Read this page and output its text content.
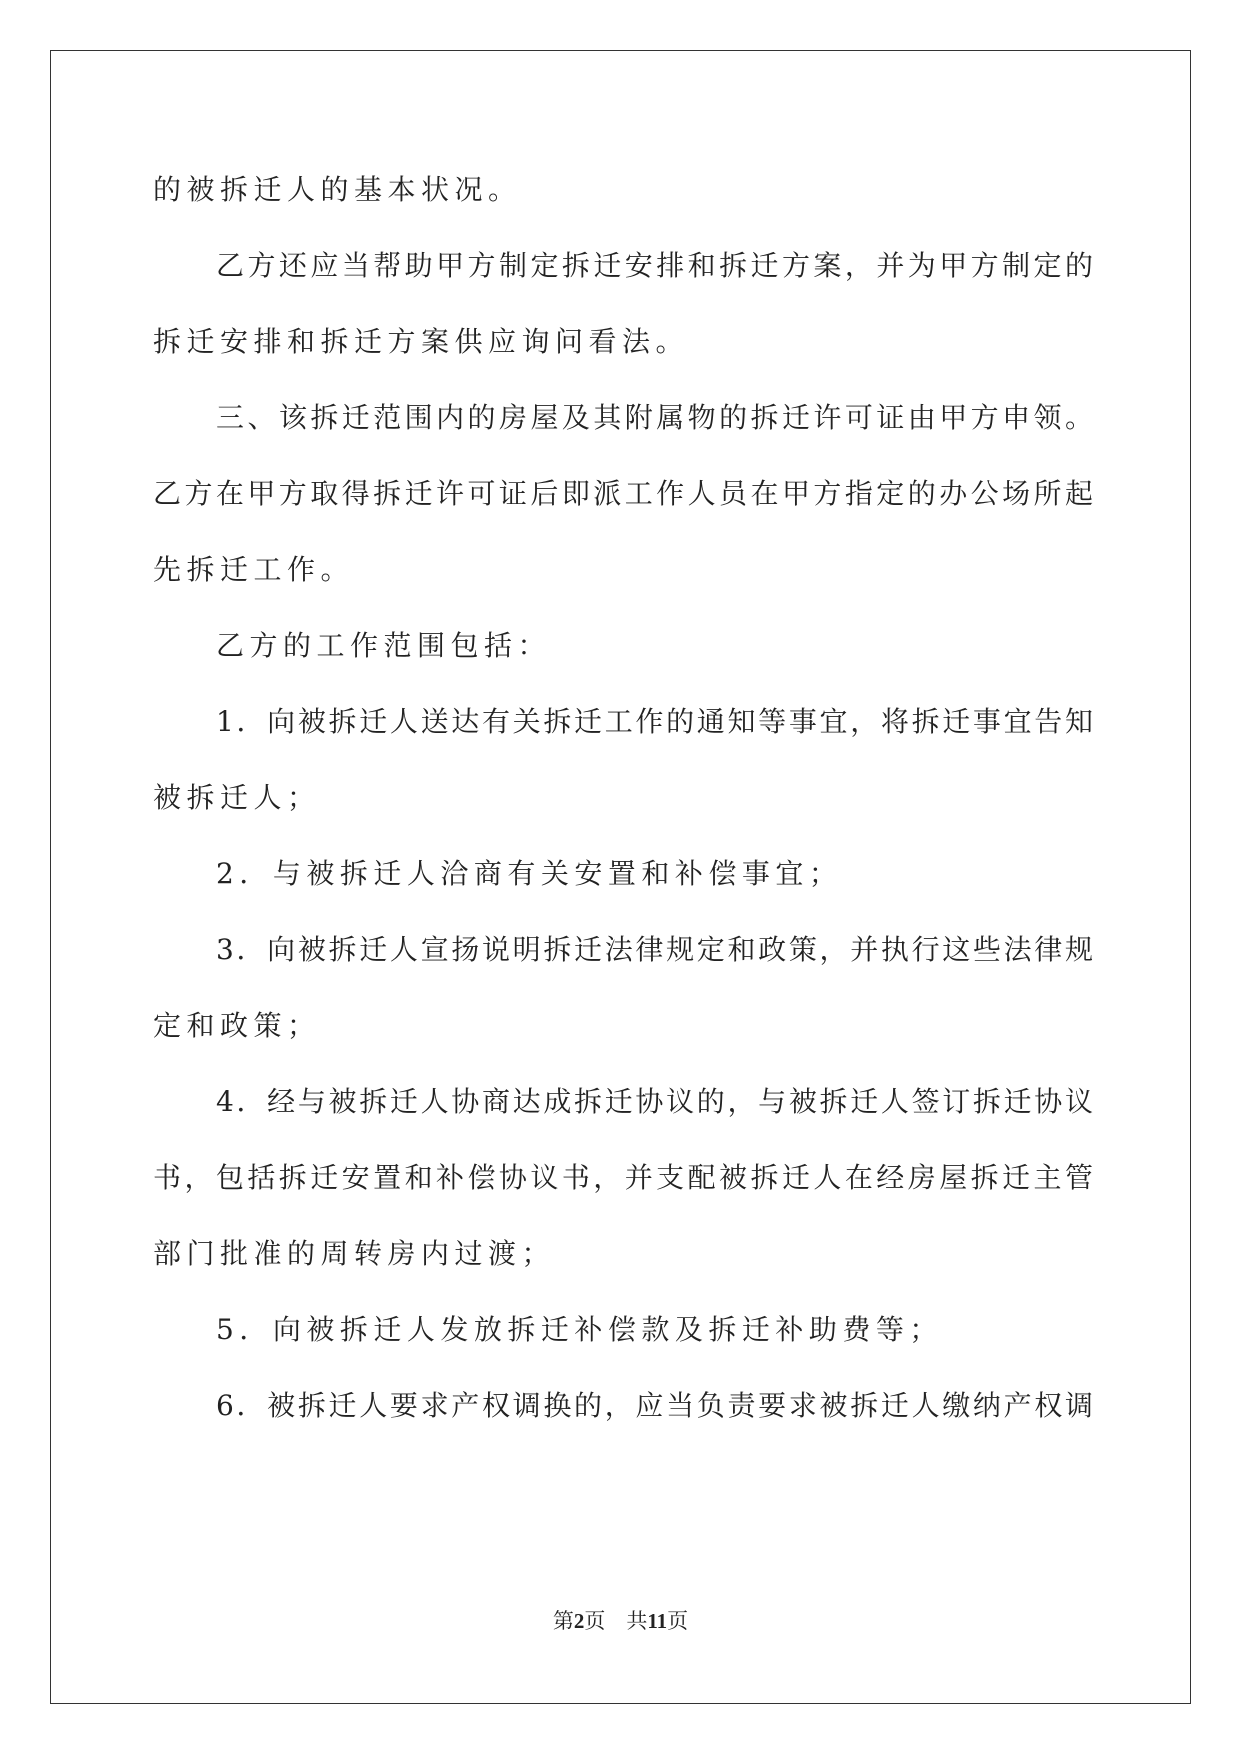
的被拆迁人的基本状况。
乙方还应当帮助甲方制定拆迁安排和拆迁方案，并为甲方制定的
拆迁安排和拆迁方案供应询问看法。
三、该拆迁范围内的房屋及其附属物的拆迁许可证由甲方申领。
乙方在甲方取得拆迁许可证后即派工作人员在甲方指定的办公场所起
先拆迁工作。
乙方的工作范围包括：
1．向被拆迁人送达有关拆迁工作的通知等事宜，将拆迁事宜告知
被拆迁人；
2．与被拆迁人洽商有关安置和补偿事宜；
3．向被拆迁人宣扬说明拆迁法律规定和政策，并执行这些法律规
定和政策；
4．经与被拆迁人协商达成拆迁协议的，与被拆迁人签订拆迁协议
书，包括拆迁安置和补偿协议书，并支配被拆迁人在经房屋拆迁主管
部门批准的周转房内过渡；
5．向被拆迁人发放拆迁补偿款及拆迁补助费等；
6．被拆迁人要求产权调换的，应当负责要求被拆迁人缴纳产权调
第2页　共11页
